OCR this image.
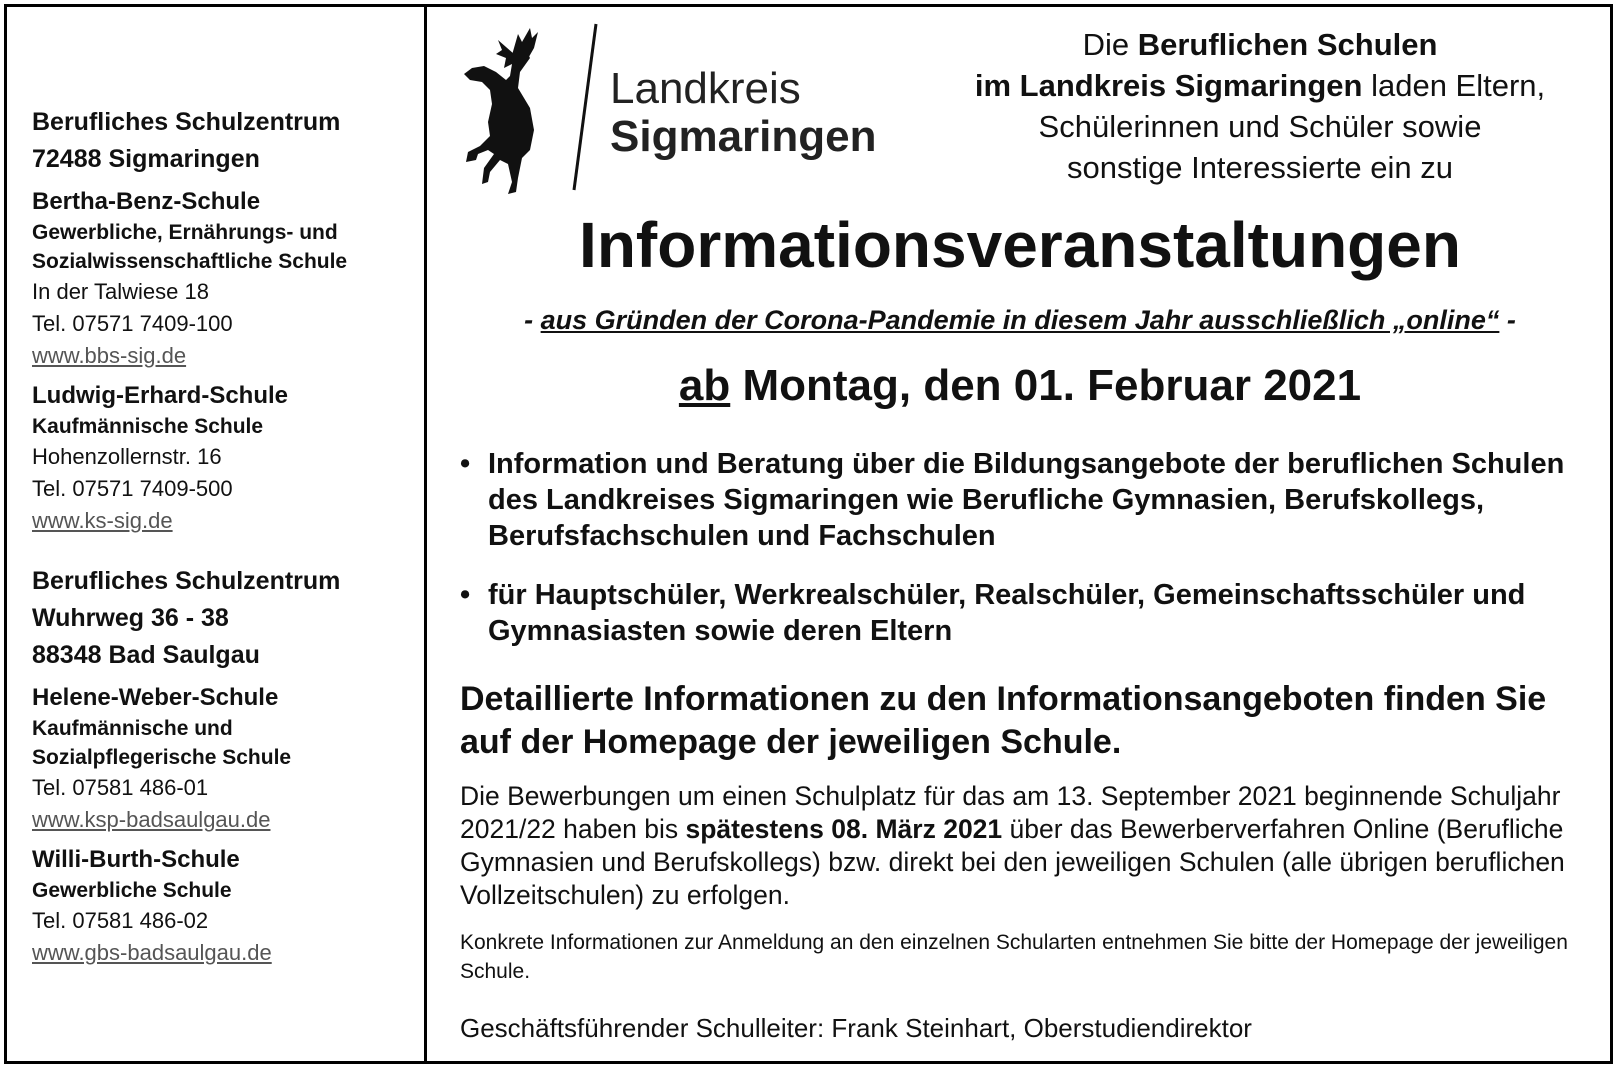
Berufliches Schulzentrum
72488 Sigmaringen
Bertha-Benz-Schule
Gewerbliche, Ernährungs- und
Sozialwissenschaftliche Schule
In der Talwiese 18
Tel. 07571 7409-100
www.bbs-sig.de
Ludwig-Erhard-Schule
Kaufmännische Schule
Hohenzollernstr. 16
Tel. 07571 7409-500
www.ks-sig.de
Berufliches Schulzentrum
Wuhrweg 36 - 38
88348 Bad Saulgau
Helene-Weber-Schule
Kaufmännische und
Sozialpflegerische Schule
Tel. 07581 486-01
www.ksp-badsaulgau.de
Willi-Burth-Schule
Gewerbliche Schule
Tel. 07581 486-02
www.gbs-badsaulgau.de
Landkreis
Sigmaringen
Die Beruflichen Schulen
im Landkreis Sigmaringen laden Eltern,
Schülerinnen und Schüler sowie
sonstige Interessierte ein zu
Informationsveranstaltungen
- aus Gründen der Corona-Pandemie in diesem Jahr ausschließlich „online“ -
ab Montag, den 01. Februar 2021
• Information und Beratung über die Bildungsangebote der beruflichen Schulen des Landkreises Sigmaringen wie Berufliche Gymnasien, Berufskollegs, Berufsfachschulen und Fachschulen
• für Hauptschüler, Werkrealschüler, Realschüler, Gemeinschaftsschüler und Gymnasiasten sowie deren Eltern
Detaillierte Informationen zu den Informationsangeboten finden Sie auf der Homepage der jeweiligen Schule.
Die Bewerbungen um einen Schulplatz für das am 13. September 2021 beginnende Schuljahr 2021/22 haben bis spätestens 08. März 2021 über das Bewerberverfahren Online (Berufliche Gymnasien und Berufskollegs) bzw. direkt bei den jeweiligen Schulen (alle übrigen beruflichen Vollzeitschulen) zu erfolgen.
Konkrete Informationen zur Anmeldung an den einzelnen Schularten entnehmen Sie bitte der Homepage der jeweiligen Schule.
Geschäftsführender Schulleiter: Frank Steinhart, Oberstudiendirektor
